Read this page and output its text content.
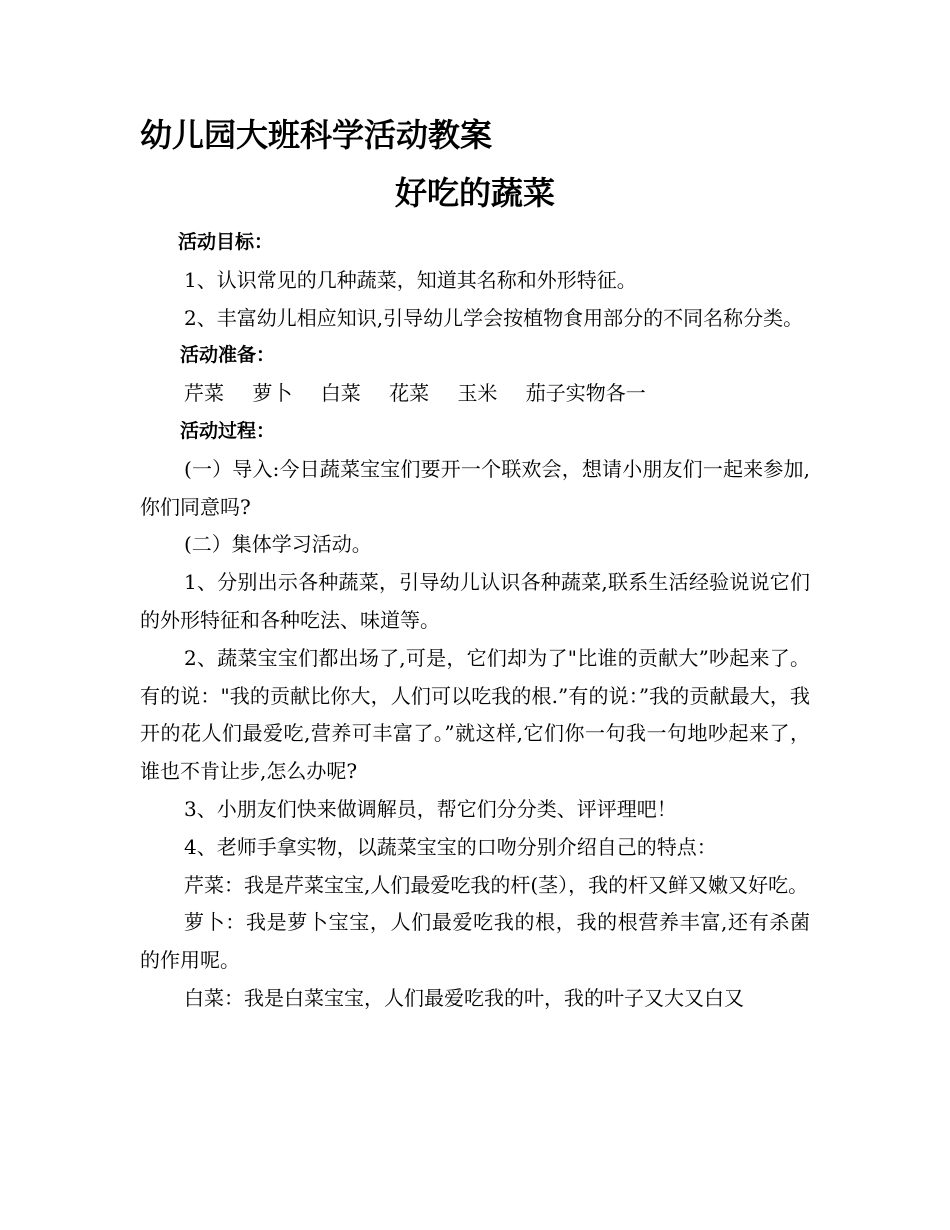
幼儿园大班科学活动教案
好吃的蔬菜

活动目标：

1、认识常见的几种蔬菜，知道其名称和外形特征。

2、丰富幼儿相应知识,引导幼儿学会按植物食用部分的不同名称分类。

活动准备：

芹菜 萝卜 白菜 花菜 玉米 茄子实物各一

活动过程：

(一）导入:今日蔬菜宝宝们要开一个联欢会，想请小朋友们一起来参加,你们同意吗?

(二）集体学习活动。

1、分别出示各种蔬菜，引导幼儿认识各种蔬菜,联系生活经验说说它们的外形特征和各种吃法、味道等。

2、蔬菜宝宝们都出场了,可是，它们却为了"比谁的贡献大”吵起来了。有的说："我的贡献比你大，人们可以吃我的根.”有的说：”我的贡献最大，我开的花人们最爱吃,营养可丰富了。”就这样,它们你一句我一句地吵起来了，谁也不肯让步,怎么办呢?

3、小朋友们快来做调解员，帮它们分分类、评评理吧！

4、老师手拿实物，以蔬菜宝宝的口吻分别介绍自己的特点：

芹菜：我是芹菜宝宝,人们最爱吃我的杆(茎），我的杆又鲜又嫩又好吃。

萝卜：我是萝卜宝宝，人们最爱吃我的根，我的根营养丰富,还有杀菌的作用呢。

白菜：我是白菜宝宝，人们最爱吃我的叶，我的叶子又大又白又
